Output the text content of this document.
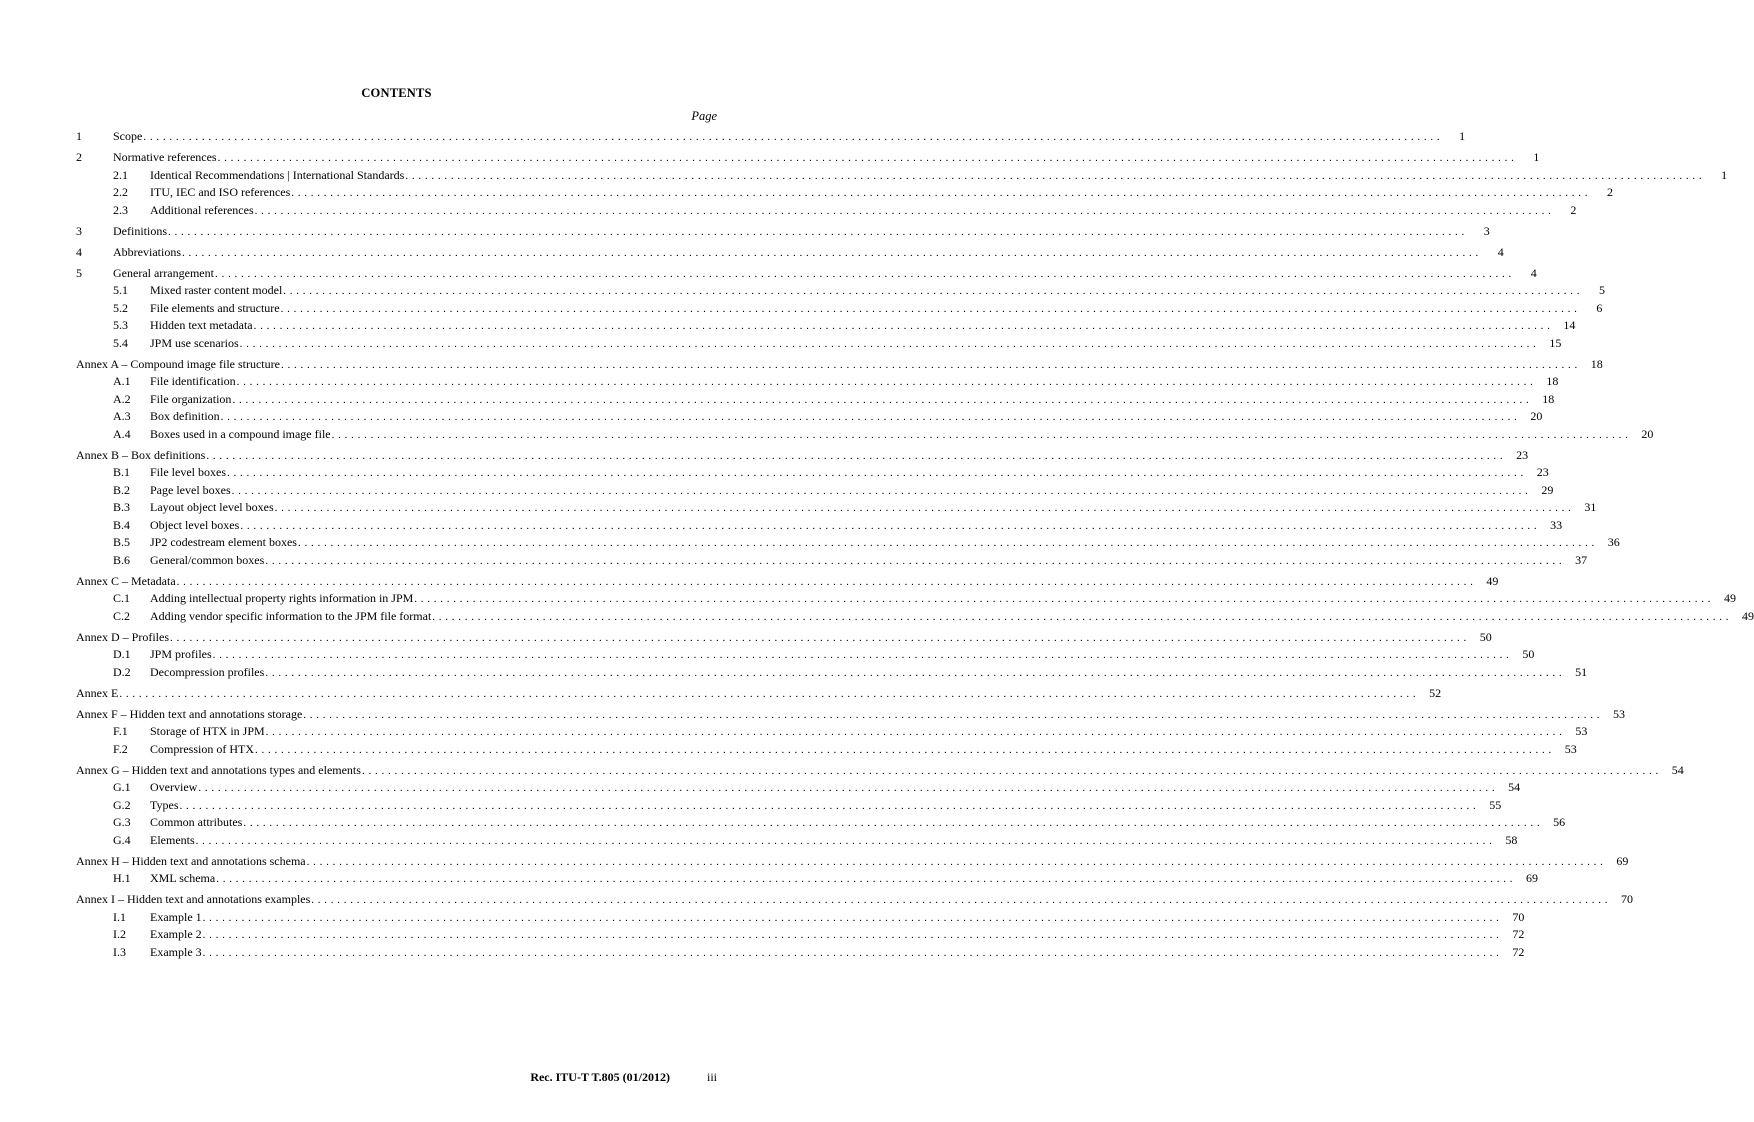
CONTENTS
Page
1	Scope . . . . . . . . . . . . . . . . . . . . . . . . . . . . . . . . . . . . . . . . . . . . . . . . . . . . . . . . . . . . . . . . . . . . . . . . . . . . . . . . . . . . . . . . . . . . . . . . . . . . . . . . . . . . . . . . . . . . . . . . . . . . . . . . . . . . . . . . . . . . . . . . . . . . . . . . . . . . . . . . . . . . . . . . . . . . . . . . . . . . . . . . . . . . . . . . . . . . . . . .	1
2	Normative references . . . . . . . . . . . . . . . . . . . . . . . . . . . . . . . . . . . . . . . . . . . . . . . . . . . . . . . . . . . . . . . . . . . . . . . . . . . . . . . . . . . . . . . . . . . . . . . . . . . . . . . . . . . . . . . . . . . . . . . . . . . . . . . . . . . . . . . . . . . . . . . . . . . . . . . . . . . . . . . . . . . . . . . . . . . . . . . . . . . . . . . . . . . . . . . . . . . . . . . .	1
2.1	Identical Recommendations | International Standards . . . . . . . . . . . . . . . . . . . . . . . . . . . . . . . . . . . . . . . . . . . . . . . . . . . . . . . . . . . . . . . . . . . . . . . . . . . . . . . . . . . . . . . . . . . . . . . . . . . . . . . . . . . . . . . . . . . . . . . . . . . . . . . . . . . . . . . . . . . . . . . . . . . . . . . . . . . . . . . . . . . . . . . . . . . . . . . . . . . . . . . . . . . . . . . . . . . . . . . .	1
2.2	ITU, IEC and ISO references . . . . . . . . . . . . . . . . . . . . . . . . . . . . . . . . . . . . . . . . . . . . . . . . . . . . . . . . . . . . . . . . . . . . . . . . . . . . . . . . . . . . . . . . . . . . . . . . . . . . . . . . . . . . . . . . . . . . . . . . . . . . . . . . . . . . . . . . . . . . . . . . . . . . . . . . . . . . . . . . . . . . . . . . . . . . . . . . . . . . . . . . . . . . . . . . . . . . . . . .	2
2.3	Additional references . . . . . . . . . . . . . . . . . . . . . . . . . . . . . . . . . . . . . . . . . . . . . . . . . . . . . . . . . . . . . . . . . . . . . . . . . . . . . . . . . . . . . . . . . . . . . . . . . . . . . . . . . . . . . . . . . . . . . . . . . . . . . . . . . . . . . . . . . . . . . . . . . . . . . . . . . . . . . . . . . . . . . . . . . . . . . . . . . . . . . . . . . . . . . . . . . . . . . . . .	2
3	Definitions . . . . . . . . . . . . . . . . . . . . . . . . . . . . . . . . . . . . . . . . . . . . . . . . . . . . . . . . . . . . . . . . . . . . . . . . . . . . . . . . . . . . . . . . . . . . . . . . . . . . . . . . . . . . . . . . . . . . . . . . . . . . . . . . . . . . . . . . . . . . . . . . . . . . . . . . . . . . . . . . . . . . . . . . . . . . . . . . . . . . . . . . . . . . . . . . . . . . . . . .	3
4	Abbreviations . . . . . . . . . . . . . . . . . . . . . . . . . . . . . . . . . . . . . . . . . . . . . . . . . . . . . . . . . . . . . . . . . . . . . . . . . . . . . . . . . . . . . . . . . . . . . . . . . . . . . . . . . . . . . . . . . . . . . . . . . . . . . . . . . . . . . . . . . . . . . . . . . . . . . . . . . . . . . . . . . . . . . . . . . . . . . . . . . . . . . . . . . . . . . . . . . . . . . . . .	4
5	General arrangement . . . . . . . . . . . . . . . . . . . . . . . . . . . . . . . . . . . . . . . . . . . . . . . . . . . . . . . . . . . . . . . . . . . . . . . . . . . . . . . . . . . . . . . . . . . . . . . . . . . . . . . . . . . . . . . . . . . . . . . . . . . . . . . . . . . . . . . . . . . . . . . . . . . . . . . . . . . . . . . . . . . . . . . . . . . . . . . . . . . . . . . . . . . . . . . . . . . . . . . .	4
5.1	Mixed raster content model . . . . . . . . . . . . . . . . . . . . . . . . . . . . . . . . . . . . . . . . . . . . . . . . . . . . . . . . . . . . . . . . . . . . . . . . . . . . . . . . . . . . . . . . . . . . . . . . . . . . . . . . . . . . . . . . . . . . . . . . . . . . . . . . . . . . . . . . . . . . . . . . . . . . . . . . . . . . . . . . . . . . . . . . . . . . . . . . . . . . . . . . . . . . . . . . . . . . . . . .	5
5.2	File elements and structure . . . . . . . . . . . . . . . . . . . . . . . . . . . . . . . . . . . . . . . . . . . . . . . . . . . . . . . . . . . . . . . . . . . . . . . . . . . . . . . . . . . . . . . . . . . . . . . . . . . . . . . . . . . . . . . . . . . . . . . . . . . . . . . . . . . . . . . . . . . . . . . . . . . . . . . . . . . . . . . . . . . . . . . . . . . . . . . . . . . . . . . . . . . . . . . . . . . . . . . .	6
5.3	Hidden text metadata . . . . . . . . . . . . . . . . . . . . . . . . . . . . . . . . . . . . . . . . . . . . . . . . . . . . . . . . . . . . . . . . . . . . . . . . . . . . . . . . . . . . . . . . . . . . . . . . . . . . . . . . . . . . . . . . . . . . . . . . . . . . . . . . . . . . . . . . . . . . . . . . . . . . . . . . . . . . . . . . . . . . . . . . . . . . . . . . . . . . . . . . . . . . . . . . . . . . . . . .	14
5.4	JPM use scenarios . . . . . . . . . . . . . . . . . . . . . . . . . . . . . . . . . . . . . . . . . . . . . . . . . . . . . . . . . . . . . . . . . . . . . . . . . . . . . . . . . . . . . . . . . . . . . . . . . . . . . . . . . . . . . . . . . . . . . . . . . . . . . . . . . . . . . . . . . . . . . . . . . . . . . . . . . . . . . . . . . . . . . . . . . . . . . . . . . . . . . . . . . . . . . . . . . . . . . . . .	15
Annex A – Compound image file structure . . . . . . . . . . . . . . . . . . . . . . . . . . . . . . . . . . . . . . . . . . . . . . . . . . . . . . . . . . . . . . . . . . . . . . . . . . . . . . . . . . . . . . . . . . . . . . . . . . . . . . . . . . . . . . . . . . . . . . . . . . . . . . . . . . . . . . . . . . . . . . . . . . . . . . . . . . . . . . . . . . . . . . . . . . . . . . . . . . . . . . . . . . . . . . . . . . . . . . . .	18
A.1	File identification . . . . . . . . . . . . . . . . . . . . . . . . . . . . . . . . . . . . . . . . . . . . . . . . . . . . . . . . . . . . . . . . . . . . . . . . . . . . . . . . . . . . . . . . . . . . . . . . . . . . . . . . . . . . . . . . . . . . . . . . . . . . . . . . . . . . . . . . . . . . . . . . . . . . . . . . . . . . . . . . . . . . . . . . . . . . . . . . . . . . . . . . . . . . . . . . . . . . . . . .	18
A.2	File organization . . . . . . . . . . . . . . . . . . . . . . . . . . . . . . . . . . . . . . . . . . . . . . . . . . . . . . . . . . . . . . . . . . . . . . . . . . . . . . . . . . . . . . . . . . . . . . . . . . . . . . . . . . . . . . . . . . . . . . . . . . . . . . . . . . . . . . . . . . . . . . . . . . . . . . . . . . . . . . . . . . . . . . . . . . . . . . . . . . . . . . . . . . . . . . . . . . . . . . . .	18
A.3	Box definition . . . . . . . . . . . . . . . . . . . . . . . . . . . . . . . . . . . . . . . . . . . . . . . . . . . . . . . . . . . . . . . . . . . . . . . . . . . . . . . . . . . . . . . . . . . . . . . . . . . . . . . . . . . . . . . . . . . . . . . . . . . . . . . . . . . . . . . . . . . . . . . . . . . . . . . . . . . . . . . . . . . . . . . . . . . . . . . . . . . . . . . . . . . . . . . . . . . . . . . .	20
A.4	Boxes used in a compound image file . . . . . . . . . . . . . . . . . . . . . . . . . . . . . . . . . . . . . . . . . . . . . . . . . . . . . . . . . . . . . . . . . . . . . . . . . . . . . . . . . . . . . . . . . . . . . . . . . . . . . . . . . . . . . . . . . . . . . . . . . . . . . . . . . . . . . . . . . . . . . . . . . . . . . . . . . . . . . . . . . . . . . . . . . . . . . . . . . . . . . . . . . . . . . . . . . . . . . . . .	20
Annex B – Box definitions . . . . . . . . . . . . . . . . . . . . . . . . . . . . . . . . . . . . . . . . . . . . . . . . . . . . . . . . . . . . . . . . . . . . . . . . . . . . . . . . . . . . . . . . . . . . . . . . . . . . . . . . . . . . . . . . . . . . . . . . . . . . . . . . . . . . . . . . . . . . . . . . . . . . . . . . . . . . . . . . . . . . . . . . . . . . . . . . . . . . . . . . . . . . . . . . . . . . . . . .	23
B.1	File level boxes . . . . . . . . . . . . . . . . . . . . . . . . . . . . . . . . . . . . . . . . . . . . . . . . . . . . . . . . . . . . . . . . . . . . . . . . . . . . . . . . . . . . . . . . . . . . . . . . . . . . . . . . . . . . . . . . . . . . . . . . . . . . . . . . . . . . . . . . . . . . . . . . . . . . . . . . . . . . . . . . . . . . . . . . . . . . . . . . . . . . . . . . . . . . . . . . . . . . . . . .	23
B.2	Page level boxes . . . . . . . . . . . . . . . . . . . . . . . . . . . . . . . . . . . . . . . . . . . . . . . . . . . . . . . . . . . . . . . . . . . . . . . . . . . . . . . . . . . . . . . . . . . . . . . . . . . . . . . . . . . . . . . . . . . . . . . . . . . . . . . . . . . . . . . . . . . . . . . . . . . . . . . . . . . . . . . . . . . . . . . . . . . . . . . . . . . . . . . . . . . . . . . . . . . . . . . .	29
B.3	Layout object level boxes . . . . . . . . . . . . . . . . . . . . . . . . . . . . . . . . . . . . . . . . . . . . . . . . . . . . . . . . . . . . . . . . . . . . . . . . . . . . . . . . . . . . . . . . . . . . . . . . . . . . . . . . . . . . . . . . . . . . . . . . . . . . . . . . . . . . . . . . . . . . . . . . . . . . . . . . . . . . . . . . . . . . . . . . . . . . . . . . . . . . . . . . . . . . . . . . . . . . . . . .	31
B.4	Object level boxes . . . . . . . . . . . . . . . . . . . . . . . . . . . . . . . . . . . . . . . . . . . . . . . . . . . . . . . . . . . . . . . . . . . . . . . . . . . . . . . . . . . . . . . . . . . . . . . . . . . . . . . . . . . . . . . . . . . . . . . . . . . . . . . . . . . . . . . . . . . . . . . . . . . . . . . . . . . . . . . . . . . . . . . . . . . . . . . . . . . . . . . . . . . . . . . . . . . . . . . .	33
B.5	JP2 codestream element boxes . . . . . . . . . . . . . . . . . . . . . . . . . . . . . . . . . . . . . . . . . . . . . . . . . . . . . . . . . . . . . . . . . . . . . . . . . . . . . . . . . . . . . . . . . . . . . . . . . . . . . . . . . . . . . . . . . . . . . . . . . . . . . . . . . . . . . . . . . . . . . . . . . . . . . . . . . . . . . . . . . . . . . . . . . . . . . . . . . . . . . . . . . . . . . . . . . . . . . . . .	36
B.6	General/common boxes . . . . . . . . . . . . . . . . . . . . . . . . . . . . . . . . . . . . . . . . . . . . . . . . . . . . . . . . . . . . . . . . . . . . . . . . . . . . . . . . . . . . . . . . . . . . . . . . . . . . . . . . . . . . . . . . . . . . . . . . . . . . . . . . . . . . . . . . . . . . . . . . . . . . . . . . . . . . . . . . . . . . . . . . . . . . . . . . . . . . . . . . . . . . . . . . . . . . . . . .	37
Annex C – Metadata . . . . . . . . . . . . . . . . . . . . . . . . . . . . . . . . . . . . . . . . . . . . . . . . . . . . . . . . . . . . . . . . . . . . . . . . . . . . . . . . . . . . . . . . . . . . . . . . . . . . . . . . . . . . . . . . . . . . . . . . . . . . . . . . . . . . . . . . . . . . . . . . . . . . . . . . . . . . . . . . . . . . . . . . . . . . . . . . . . . . . . . . . . . . . . . . . . . . . . . .	49
C.1	Adding intellectual property rights information in JPM . . . . . . . . . . . . . . . . . . . . . . . . . . . . . . . . . . . . . . . . . . . . . . . . . . . . . . . . . . . . . . . . . . . . . . . . . . . . . . . . . . . . . . . . . . . . . . . . . . . . . . . . . . . . . . . . . . . . . . . . . . . . . . . . . . . . . . . . . . . . . . . . . . . . . . . . . . . . . . . . . . . . . . . . . . . . . . . . . . . . . . . . . . . . . . . . . . . . . . . .	49
C.2	Adding vendor specific information to the JPM file format . . . . . . . . . . . . . . . . . . . . . . . . . . . . . . . . . . . . . . . . . . . . . . . . . . . . . . . . . . . . . . . . . . . . . . . . . . . . . . . . . . . . . . . . . . . . . . . . . . . . . . . . . . . . . . . . . . . . . . . . . . . . . . . . . . . . . . . . . . . . . . . . . . . . . . . . . . . . . . . . . . . . . . . . . . . . . . . . . . . . . . . . . . . . . . . . . . . . . . . .	49
Annex D – Profiles . . . . . . . . . . . . . . . . . . . . . . . . . . . . . . . . . . . . . . . . . . . . . . . . . . . . . . . . . . . . . . . . . . . . . . . . . . . . . . . . . . . . . . . . . . . . . . . . . . . . . . . . . . . . . . . . . . . . . . . . . . . . . . . . . . . . . . . . . . . . . . . . . . . . . . . . . . . . . . . . . . . . . . . . . . . . . . . . . . . . . . . . . . . . . . . . . . . . . . . .	50
D.1	JPM profiles . . . . . . . . . . . . . . . . . . . . . . . . . . . . . . . . . . . . . . . . . . . . . . . . . . . . . . . . . . . . . . . . . . . . . . . . . . . . . . . . . . . . . . . . . . . . . . . . . . . . . . . . . . . . . . . . . . . . . . . . . . . . . . . . . . . . . . . . . . . . . . . . . . . . . . . . . . . . . . . . . . . . . . . . . . . . . . . . . . . . . . . . . . . . . . . . . . . . . . . .	50
D.2	Decompression profiles . . . . . . . . . . . . . . . . . . . . . . . . . . . . . . . . . . . . . . . . . . . . . . . . . . . . . . . . . . . . . . . . . . . . . . . . . . . . . . . . . . . . . . . . . . . . . . . . . . . . . . . . . . . . . . . . . . . . . . . . . . . . . . . . . . . . . . . . . . . . . . . . . . . . . . . . . . . . . . . . . . . . . . . . . . . . . . . . . . . . . . . . . . . . . . . . . . . . . . . .	51
Annex E . . . . . . . . . . . . . . . . . . . . . . . . . . . . . . . . . . . . . . . . . . . . . . . . . . . . . . . . . . . . . . . . . . . . . . . . . . . . . . . . . . . . . . . . . . . . . . . . . . . . . . . . . . . . . . . . . . . . . . . . . . . . . . . . . . . . . . . . . . . . . . . . . . . . . . . . . . . . . . . . . . . . . . . . . . . . . . . . . . . . . . . . . . . . . . . . . . . . . . . .	52
Annex F – Hidden text and annotations storage . . . . . . . . . . . . . . . . . . . . . . . . . . . . . . . . . . . . . . . . . . . . . . . . . . . . . . . . . . . . . . . . . . . . . . . . . . . . . . . . . . . . . . . . . . . . . . . . . . . . . . . . . . . . . . . . . . . . . . . . . . . . . . . . . . . . . . . . . . . . . . . . . . . . . . . . . . . . . . . . . . . . . . . . . . . . . . . . . . . . . . . . . . . . . . . . . . . . . . . .	53
F.1	Storage of HTX in JPM . . . . . . . . . . . . . . . . . . . . . . . . . . . . . . . . . . . . . . . . . . . . . . . . . . . . . . . . . . . . . . . . . . . . . . . . . . . . . . . . . . . . . . . . . . . . . . . . . . . . . . . . . . . . . . . . . . . . . . . . . . . . . . . . . . . . . . . . . . . . . . . . . . . . . . . . . . . . . . . . . . . . . . . . . . . . . . . . . . . . . . . . . . . . . . . . . . . . . . . .	53
F.2	Compression of HTX . . . . . . . . . . . . . . . . . . . . . . . . . . . . . . . . . . . . . . . . . . . . . . . . . . . . . . . . . . . . . . . . . . . . . . . . . . . . . . . . . . . . . . . . . . . . . . . . . . . . . . . . . . . . . . . . . . . . . . . . . . . . . . . . . . . . . . . . . . . . . . . . . . . . . . . . . . . . . . . . . . . . . . . . . . . . . . . . . . . . . . . . . . . . . . . . . . . . . . . .	53
Annex G – Hidden text and annotations types and elements . . . . . . . . . . . . . . . . . . . . . . . . . . . . . . . . . . . . . . . . . . . . . . . . . . . . . . . . . . . . . . . . . . . . . . . . . . . . . . . . . . . . . . . . . . . . . . . . . . . . . . . . . . . . . . . . . . . . . . . . . . . . . . . . . . . . . . . . . . . . . . . . . . . . . . . . . . . . . . . . . . . . . . . . . . . . . . . . . . . . . . . . . . . . . . . . . . . . . . . .	54
G.1	Overview . . . . . . . . . . . . . . . . . . . . . . . . . . . . . . . . . . . . . . . . . . . . . . . . . . . . . . . . . . . . . . . . . . . . . . . . . . . . . . . . . . . . . . . . . . . . . . . . . . . . . . . . . . . . . . . . . . . . . . . . . . . . . . . . . . . . . . . . . . . . . . . . . . . . . . . . . . . . . . . . . . . . . . . . . . . . . . . . . . . . . . . . . . . . . . . . . . . . . . . .	54
G.2	Types . . . . . . . . . . . . . . . . . . . . . . . . . . . . . . . . . . . . . . . . . . . . . . . . . . . . . . . . . . . . . . . . . . . . . . . . . . . . . . . . . . . . . . . . . . . . . . . . . . . . . . . . . . . . . . . . . . . . . . . . . . . . . . . . . . . . . . . . . . . . . . . . . . . . . . . . . . . . . . . . . . . . . . . . . . . . . . . . . . . . . . . . . . . . . . . . . . . . . . . .	55
G.3	Common attributes . . . . . . . . . . . . . . . . . . . . . . . . . . . . . . . . . . . . . . . . . . . . . . . . . . . . . . . . . . . . . . . . . . . . . . . . . . . . . . . . . . . . . . . . . . . . . . . . . . . . . . . . . . . . . . . . . . . . . . . . . . . . . . . . . . . . . . . . . . . . . . . . . . . . . . . . . . . . . . . . . . . . . . . . . . . . . . . . . . . . . . . . . . . . . . . . . . . . . . . .	56
G.4	Elements . . . . . . . . . . . . . . . . . . . . . . . . . . . . . . . . . . . . . . . . . . . . . . . . . . . . . . . . . . . . . . . . . . . . . . . . . . . . . . . . . . . . . . . . . . . . . . . . . . . . . . . . . . . . . . . . . . . . . . . . . . . . . . . . . . . . . . . . . . . . . . . . . . . . . . . . . . . . . . . . . . . . . . . . . . . . . . . . . . . . . . . . . . . . . . . . . . . . . . . .	58
Annex H – Hidden text and annotations schema . . . . . . . . . . . . . . . . . . . . . . . . . . . . . . . . . . . . . . . . . . . . . . . . . . . . . . . . . . . . . . . . . . . . . . . . . . . . . . . . . . . . . . . . . . . . . . . . . . . . . . . . . . . . . . . . . . . . . . . . . . . . . . . . . . . . . . . . . . . . . . . . . . . . . . . . . . . . . . . . . . . . . . . . . . . . . . . . . . . . . . . . . . . . . . . . . . . . . . . .	69
H.1	XML schema . . . . . . . . . . . . . . . . . . . . . . . . . . . . . . . . . . . . . . . . . . . . . . . . . . . . . . . . . . . . . . . . . . . . . . . . . . . . . . . . . . . . . . . . . . . . . . . . . . . . . . . . . . . . . . . . . . . . . . . . . . . . . . . . . . . . . . . . . . . . . . . . . . . . . . . . . . . . . . . . . . . . . . . . . . . . . . . . . . . . . . . . . . . . . . . . . . . . . . . .	69
Annex I – Hidden text and annotations examples . . . . . . . . . . . . . . . . . . . . . . . . . . . . . . . . . . . . . . . . . . . . . . . . . . . . . . . . . . . . . . . . . . . . . . . . . . . . . . . . . . . . . . . . . . . . . . . . . . . . . . . . . . . . . . . . . . . . . . . . . . . . . . . . . . . . . . . . . . . . . . . . . . . . . . . . . . . . . . . . . . . . . . . . . . . . . . . . . . . . . . . . . . . . . . . . . . . . . . . .	70
I.1	Example 1 . . . . . . . . . . . . . . . . . . . . . . . . . . . . . . . . . . . . . . . . . . . . . . . . . . . . . . . . . . . . . . . . . . . . . . . . . . . . . . . . . . . . . . . . . . . . . . . . . . . . . . . . . . . . . . . . . . . . . . . . . . . . . . . . . . . . . . . . . . . . . . . . . . . . . . . . . . . . . . . . . . . . . . . . . . . . . . . . . . . . . . . . . . . . . . . . . . . . . . . .	70
I.2	Example 2 . . . . . . . . . . . . . . . . . . . . . . . . . . . . . . . . . . . . . . . . . . . . . . . . . . . . . . . . . . . . . . . . . . . . . . . . . . . . . . . . . . . . . . . . . . . . . . . . . . . . . . . . . . . . . . . . . . . . . . . . . . . . . . . . . . . . . . . . . . . . . . . . . . . . . . . . . . . . . . . . . . . . . . . . . . . . . . . . . . . . . . . . . . . . . . . . . . . . . . . .	72
I.3	Example 3 . . . . . . . . . . . . . . . . . . . . . . . . . . . . . . . . . . . . . . . . . . . . . . . . . . . . . . . . . . . . . . . . . . . . . . . . . . . . . . . . . . . . . . . . . . . . . . . . . . . . . . . . . . . . . . . . . . . . . . . . . . . . . . . . . . . . . . . . . . . . . . . . . . . . . . . . . . . . . . . . . . . . . . . . . . . . . . . . . . . . . . . . . . . . . . . . . . . . . . . .	72
Rec. ITU-T T.805 (01/2012)	iii
